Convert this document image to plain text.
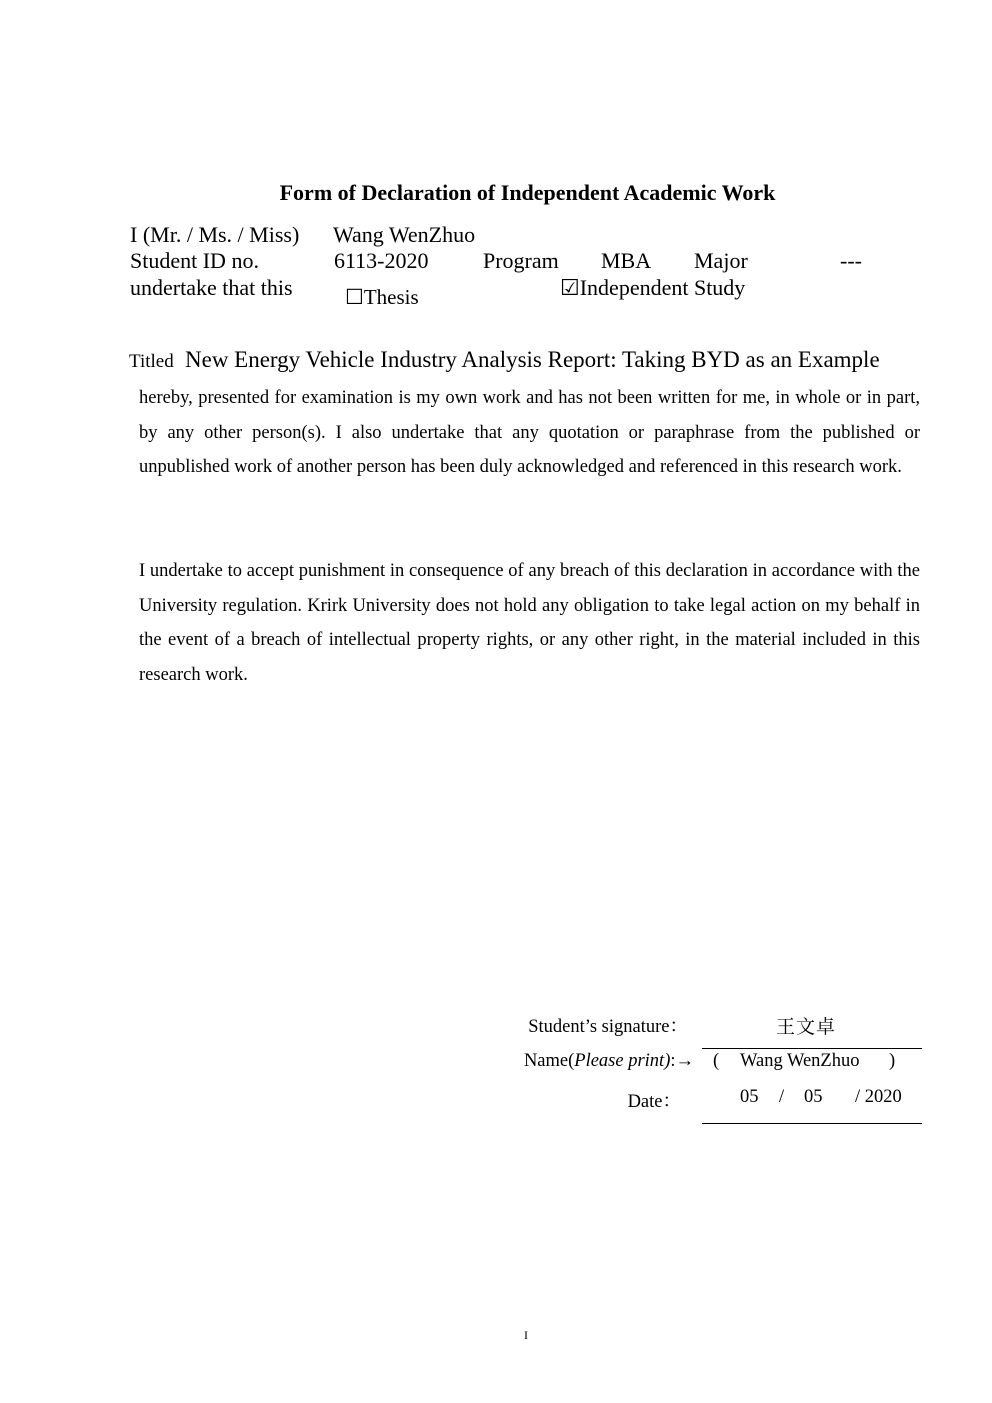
Form of Declaration of Independent Academic Work
I (Mr. / Ms. / Miss) Wang WenZhuo
Student ID no.	6113-2020 Program MBA Major	---
undertake that this ☐Thesis	☑Independent Study
Titled New Energy Vehicle Industry Analysis Report: Taking BYD as an Example
hereby, presented for examination is my own work and has not been written for me, in whole or in part, by any other person(s). I also undertake that any quotation or paraphrase from the published or unpublished work of another person has been duly acknowledged and referenced in this research work.
I undertake to accept punishment in consequence of any breach of this declaration in accordance with the University regulation. Krirk University does not hold any obligation to take legal action on my behalf in the event of a breach of intellectual property rights, or any other right, in the material included in this research work.
Student’s signature：	王文卓
Name(Please print):→ ( Wang WenZhuo )
Date：	05 / 05 / 2020
I
